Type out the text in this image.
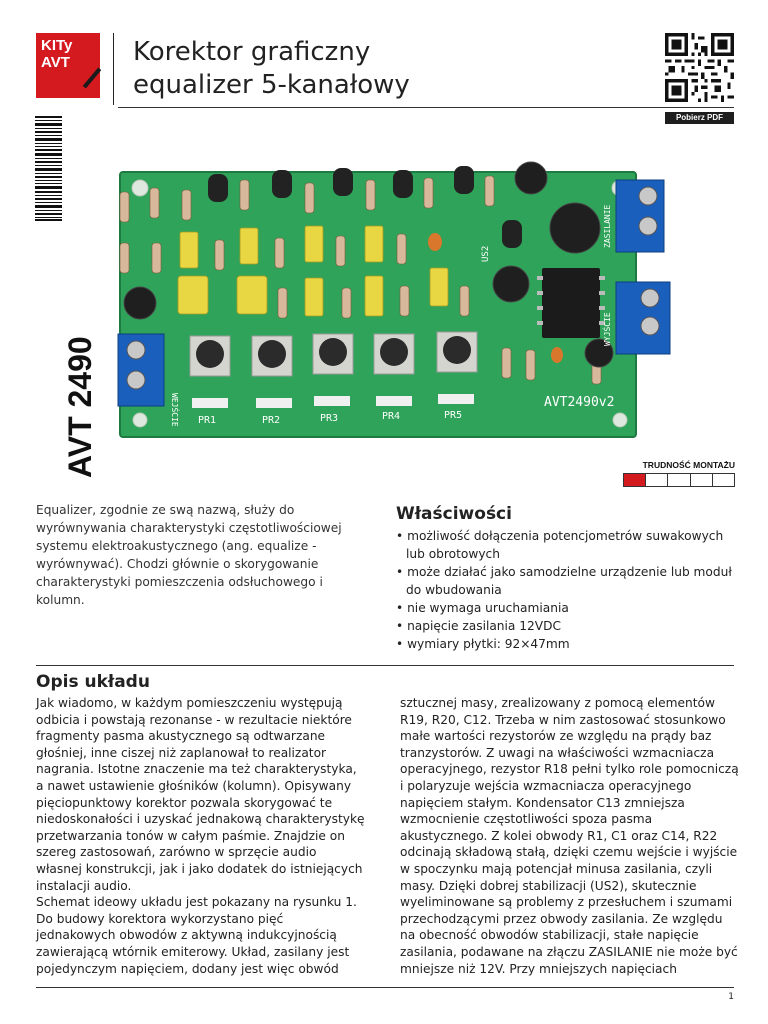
KITy
AVT	Korektor graficzny
equalizer 5-kanałowy
Pobierz PDF
AVT 2490	PR1	PR2	PR3	PR4	PR5
AVT2490v2
US2
WEJŚCIE
ZASILANIE
WYJŚCIE
TRUDNOŚĆ MONTAŻU

Equalizer, zgodnie ze swą nazwą, służy do wyrównywania charakterystyki częstotliwościowej systemu elektroakustycznego (ang. equalize - wyrównywać). Chodzi głównie o skorygowanie charakterystyki pomieszczenia odsłuchowego i kolumn.

Właściwości
• możliwość dołączenia potencjometrów suwakowych lub obrotowych
• może działać jako samodzielne urządzenie lub moduł do wbudowania
• nie wymaga uruchamiania
• napięcie zasilania 12VDC
• wymiary płytki: 92×47mm
Opis układu

Jak wiadomo, w każdym pomieszczeniu występują odbicia i powstają rezonanse - w rezultacie niektóre fragmenty pasma akustycznego są odtwarzane głośniej, inne ciszej niż zaplanował to realizator nagrania. Istotne znaczenie ma też charakterystyka, a nawet ustawienie głośników (kolumn). Opisywany pięciopunktowy korektor pozwala skorygować te niedoskonałości i uzyskać jednakową charakterystykę przetwarzania tonów w całym paśmie. Znajdzie on szereg zastosowań, zarówno w sprzęcie audio własnej konstrukcji, jak i jako dodatek do istniejących instalacji audio.

Schemat ideowy układu jest pokazany na rysunku 1. Do budowy korektora wykorzystano pięć jednakowych obwodów z aktywną indukcyjnością zawierającą wtórnik emiterowy. Układ, zasilany jest pojedynczym napięciem, dodany jest więc obwód

sztucznej masy, zrealizowany z pomocą elementów R19, R20, C12. Trzeba w nim zastosować stosunkowo małe wartości rezystorów ze względu na prądy baz tranzystorów. Z uwagi na właściwości wzmacniacza operacyjnego, rezystor R18 pełni tylko role pomocniczą i polaryzuje wejścia wzmacniacza operacyjnego napięciem stałym. Kondensator C13 zmniejsza wzmocnienie częstotliwości spoza pasma akustycznego. Z kolei obwody R1, C1 oraz C14, R22 odcinają składową stałą, dzięki czemu wejście i wyjście w spoczynku mają potencjał minusa zasilania, czyli masy. Dzięki dobrej stabilizacji (US2), skutecznie wyeliminowane są problemy z przesłuchem i szumami przechodzącymi przez obwody zasilania. Ze względu na obecność obwodów stabilizacji, stałe napięcie zasilania, podawane na złączu ZASILANIE nie może być mniejsze niż 12V. Przy mniejszych napięciach

1
